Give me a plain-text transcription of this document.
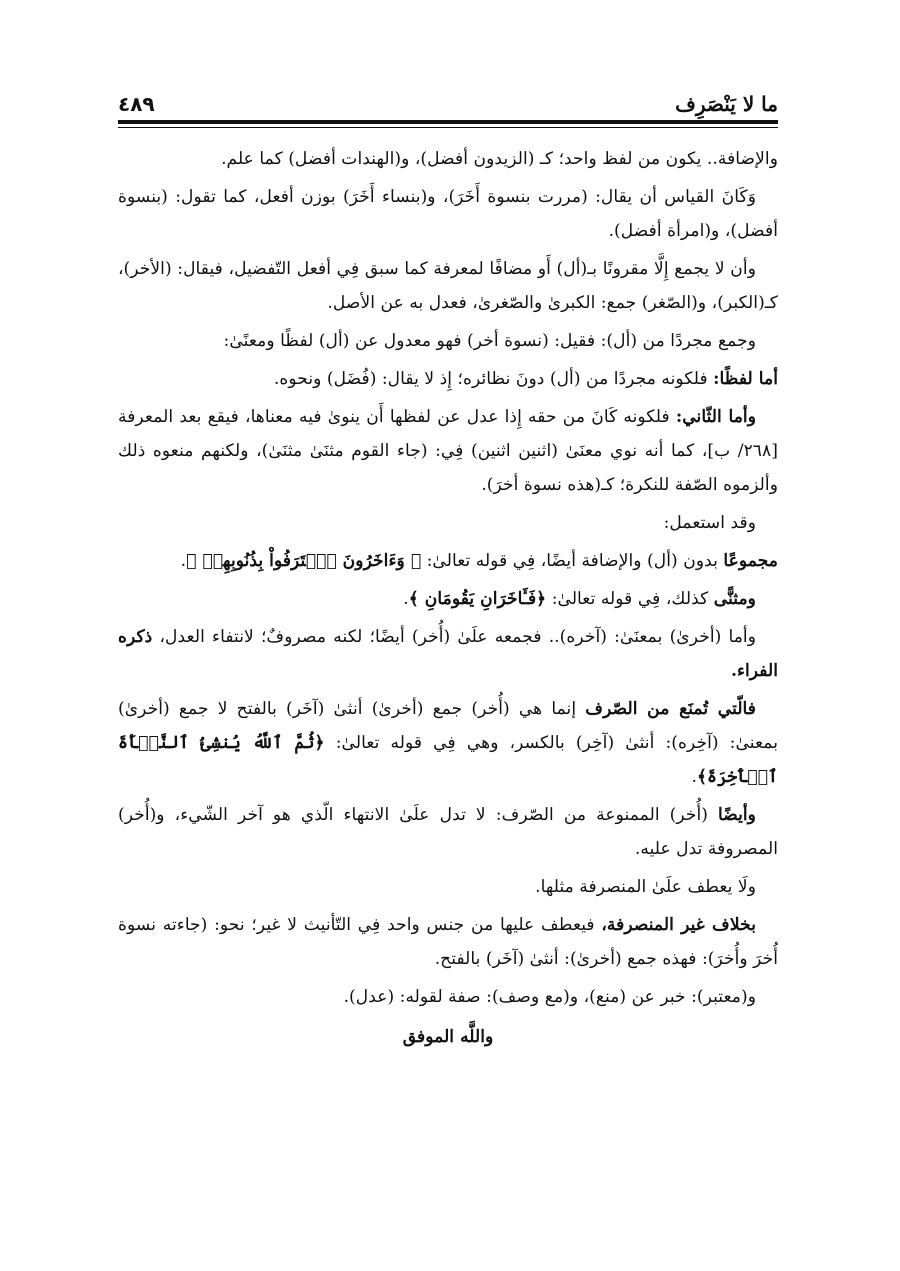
ما لا يَنْصَرِف
٤٨٩

والإضافة.. يكون من لفظ واحد؛ كـ (الزيدون أفضل)، و(الهندات أفضل) كما علم.

وَكَانَ القياس أن يقال: (مررت بنسوة أَخَرَ)، و(بنساء أَخَرَ) بوزن أفعل، كما تقول: (بنسوة أفضل)، و(امرأة أفضل).

وأن لا يجمع إِلَّا مقرونًا بـ(أل) أَو مضافًا لمعرفة كما سبق فِي أفعل التّفضيل، فيقال: (الأخر)، كـ(الكبر)، و(الصّغر) جمع: الكبرىٰ والصّغرىٰ، فعدل به عن الأصل.

وجمع مجردًا من (أل): فقيل: (نسوة أخر) فهو معدول عن (أل) لفظًا ومعنًىٰ:

أما لفظًا: فلكونه مجردًا من (أل) دونَ نظائره؛ إِذ لا يقال: (فُضَل) ونحوه.

وأما الثّاني: فلكونه كَانَ من حقه إِذا عدل عن لفظها أَن ينوىٰ فيه معناها، فيقع بعد المعرفة [٢٦٨/ ب]، كما أنه نوي معنَىٰ (اثنين اثنين) فِي: (جاء القوم مثنَىٰ مثنَىٰ)، ولكنهم منعوه ذلك وألزموه الصّفة للنكرة؛ كـ(هذه نسوة أخرَ).

وقد استعمل:

مجموعًا بدون (أل) والإضافة أيضًا، فِي قوله تعالىٰ: ﴿ وَءَاخَرُونَ ٱعۡتَرَفُواْ بِذُنُوبِهِمۡ ﴾.

ومثنًّى كذلك، فِي قوله تعالىٰ: ﴿فَـَٔاخَرَانِ يَقُومَانِ ﴾.

وأما (أخرىٰ) بمعنَىٰ: (آخره).. فجمعه علَىٰ (أُخر) أيضًا؛ لكنه مصروفٌ؛ لانتفاء العدل، ذكره الفراء.

فالّتي تُمنَع من الصّرف إنما هي (أُخر) جمع (أخرىٰ) أنثىٰ (آخَر) بالفتح لا جمع (أخرىٰ) بمعنىٰ: (آخِره): أنثىٰ (آخِر) بالكسر، وهي فِي قوله تعالىٰ: ﴿ثُمَّ ٱللَّهُ يُنشِئُ ٱلنَّشۡأَةَ ٱلۡأٓخِرَةَ﴾.

وأيضًا (أُخر) الممنوعة من الصّرف: لا تدل علَىٰ الانتهاء الّذي هو آخر الشّيء، و(أُخر) المصروفة تدل عليه.

ولَا يعطف علَىٰ المنصرفة مثلها.

بخلاف غير المنصرفة، فيعطف عليها من جنس واحد فِي التّأنيث لا غير؛ نحو: (جاءته نسوة أُخرَ وأُخرَ): فهذه جمع (أخرىٰ): أنثىٰ (آخَر) بالفتح.

و(معتبر): خبر عن (منع)، و(مع وصف): صفة لقوله: (عدل).

واللَّه الموفق
